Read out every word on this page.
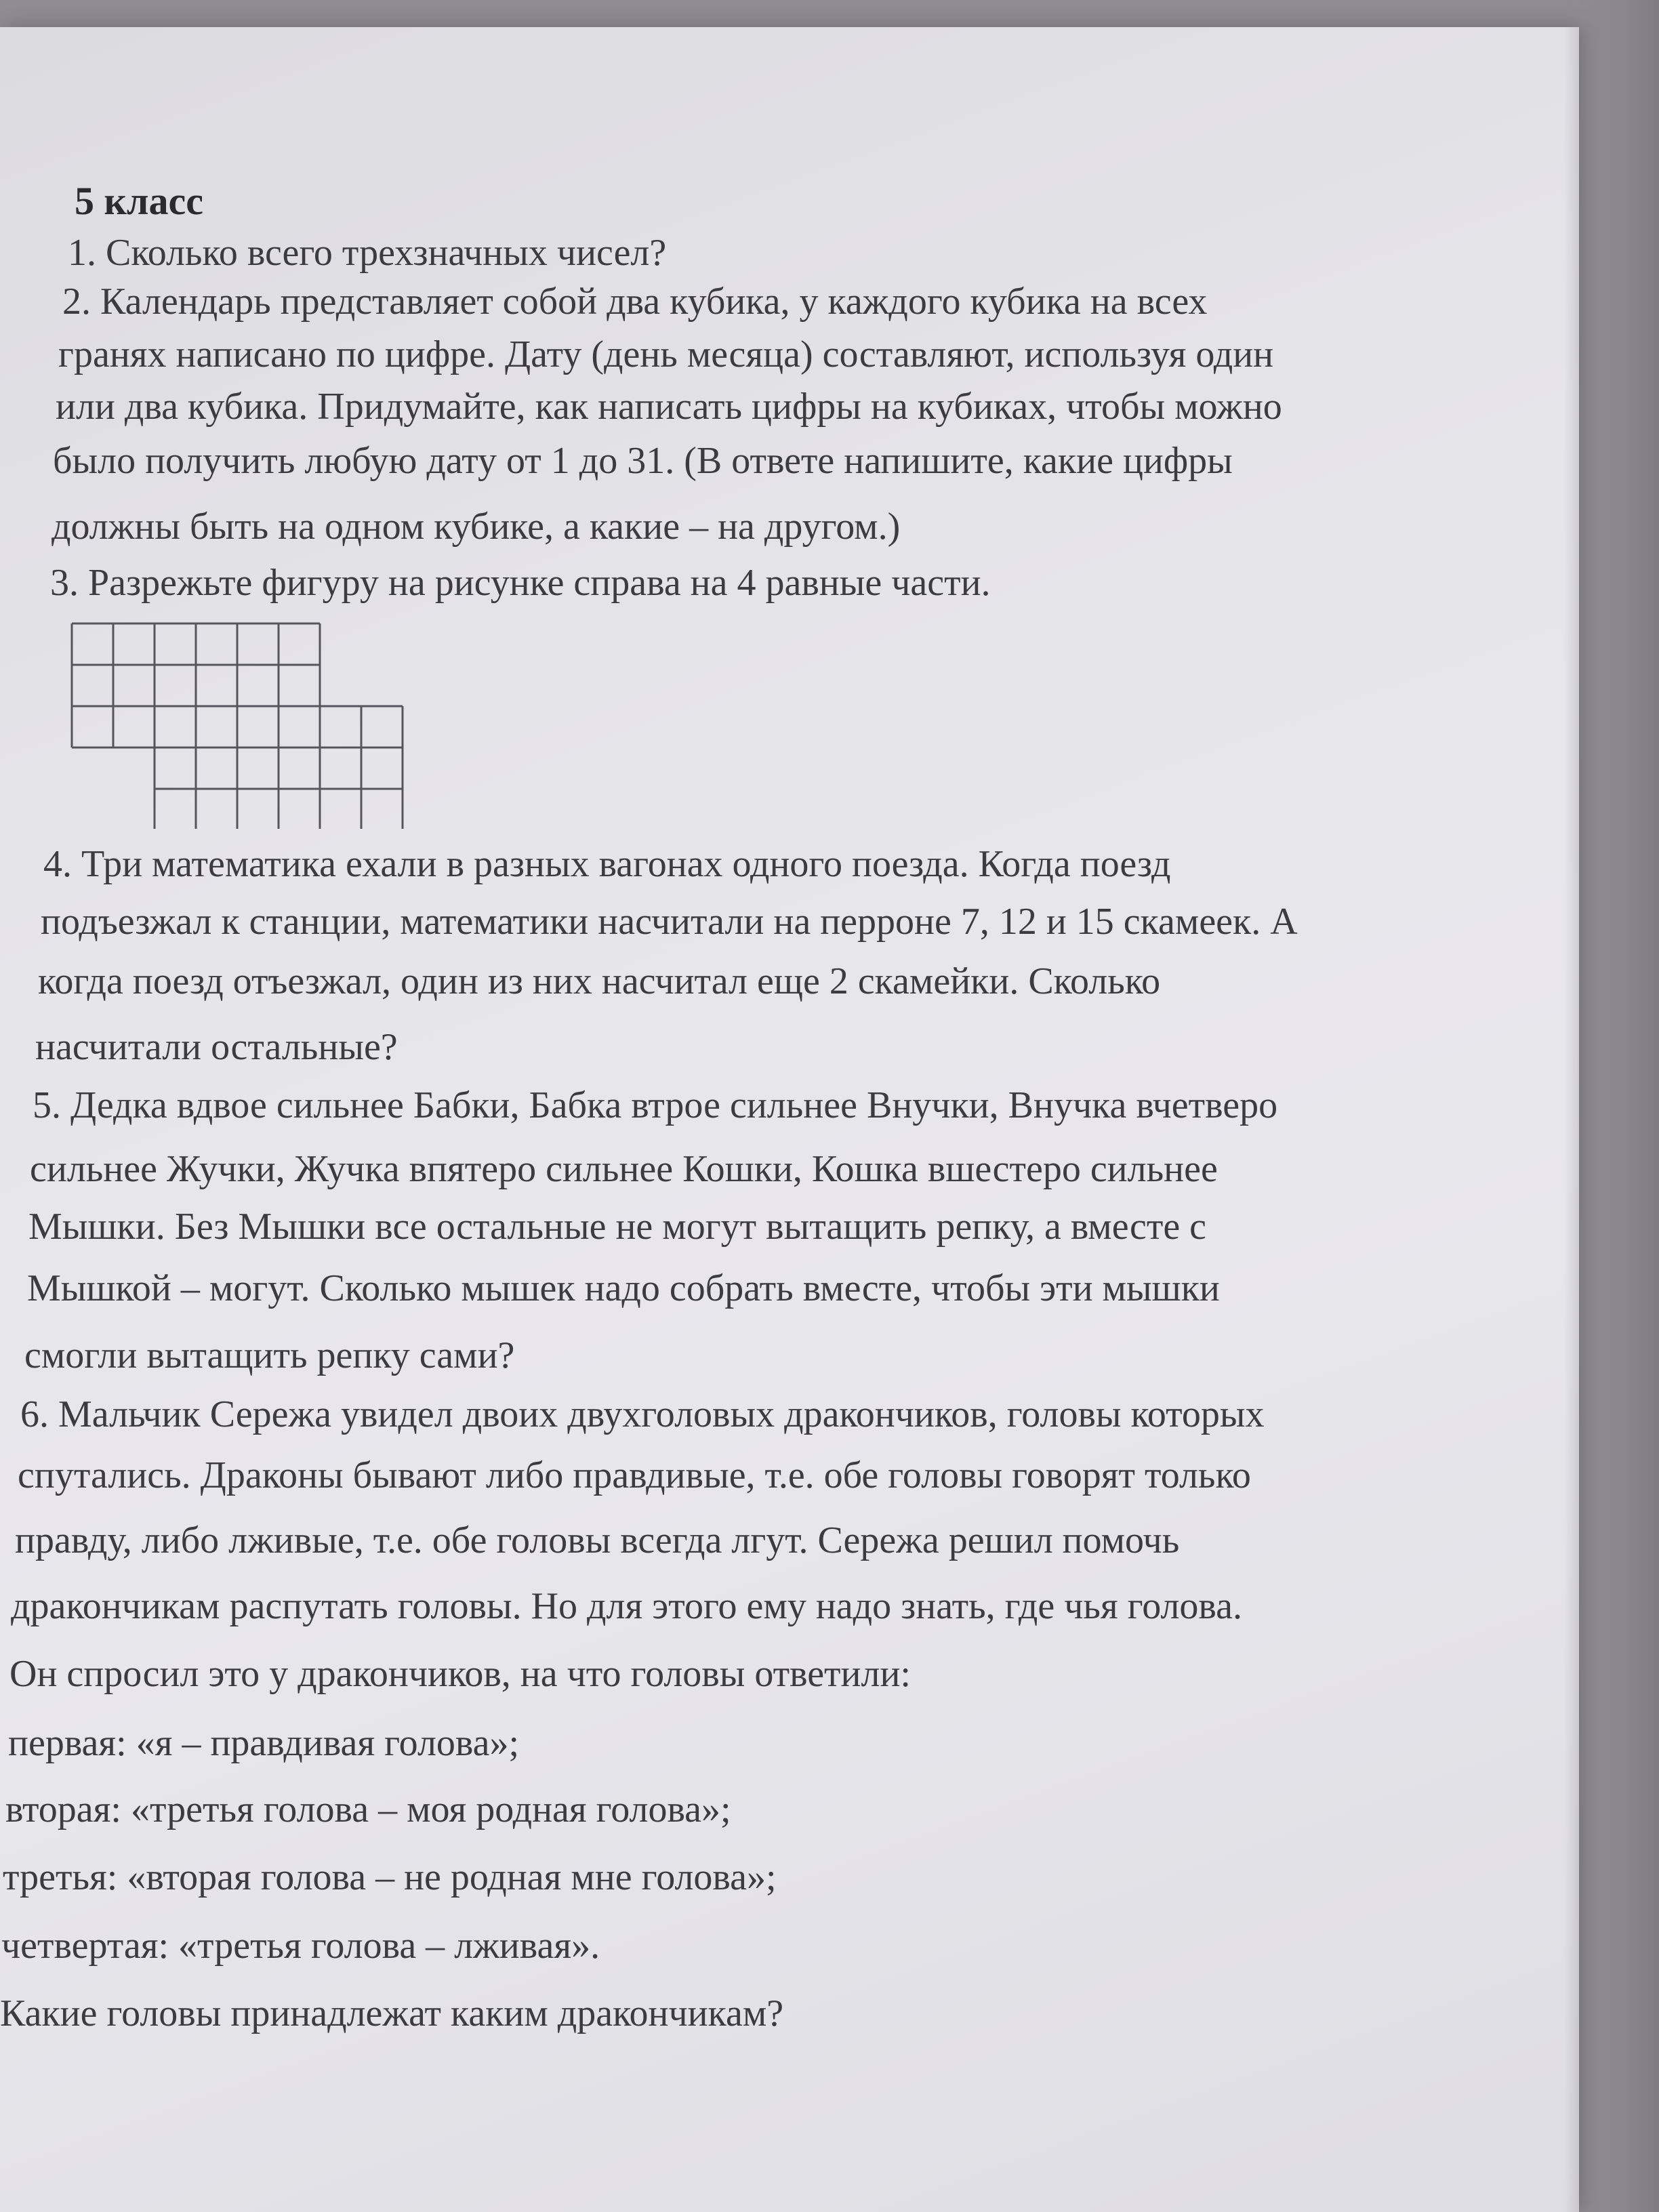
5 класс
1. Сколько всего трехзначных чисел?
2. Календарь представляет собой два кубика, у каждого кубика на всех
гранях написано по цифре. Дату (день месяца) составляют, используя один
или два кубика. Придумайте, как написать цифры на кубиках, чтобы можно
было получить любую дату от 1 до 31. (В ответе напишите, какие цифры
должны быть на одном кубике, а какие – на другом.)
3. Разрежьте фигуру на рисунке справа на 4 равные части.
4. Три математика ехали в разных вагонах одного поезда. Когда поезд
подъезжал к станции, математики насчитали на перроне 7, 12 и 15 скамеек. А
когда поезд отъезжал, один из них насчитал еще 2 скамейки. Сколько
насчитали остальные?
5. Дедка вдвое сильнее Бабки, Бабка втрое сильнее Внучки, Внучка вчетверо
сильнее Жучки, Жучка впятеро сильнее Кошки, Кошка вшестеро сильнее
Мышки. Без Мышки все остальные не могут вытащить репку, а вместе с
Мышкой – могут. Сколько мышек надо собрать вместе, чтобы эти мышки
смогли вытащить репку сами?
6. Мальчик Сережа увидел двоих двухголовых дракончиков, головы которых
спутались. Драконы бывают либо правдивые, т.е. обе головы говорят только
правду, либо лживые, т.е. обе головы всегда лгут. Сережа решил помочь
дракончикам распутать головы. Но для этого ему надо знать, где чья голова.
Он спросил это у дракончиков, на что головы ответили:
первая: «я – правдивая голова»;
вторая: «третья голова – моя родная голова»;
третья: «вторая голова – не родная мне голова»;
четвертая: «третья голова – лживая».
Какие головы принадлежат каким дракончикам?
